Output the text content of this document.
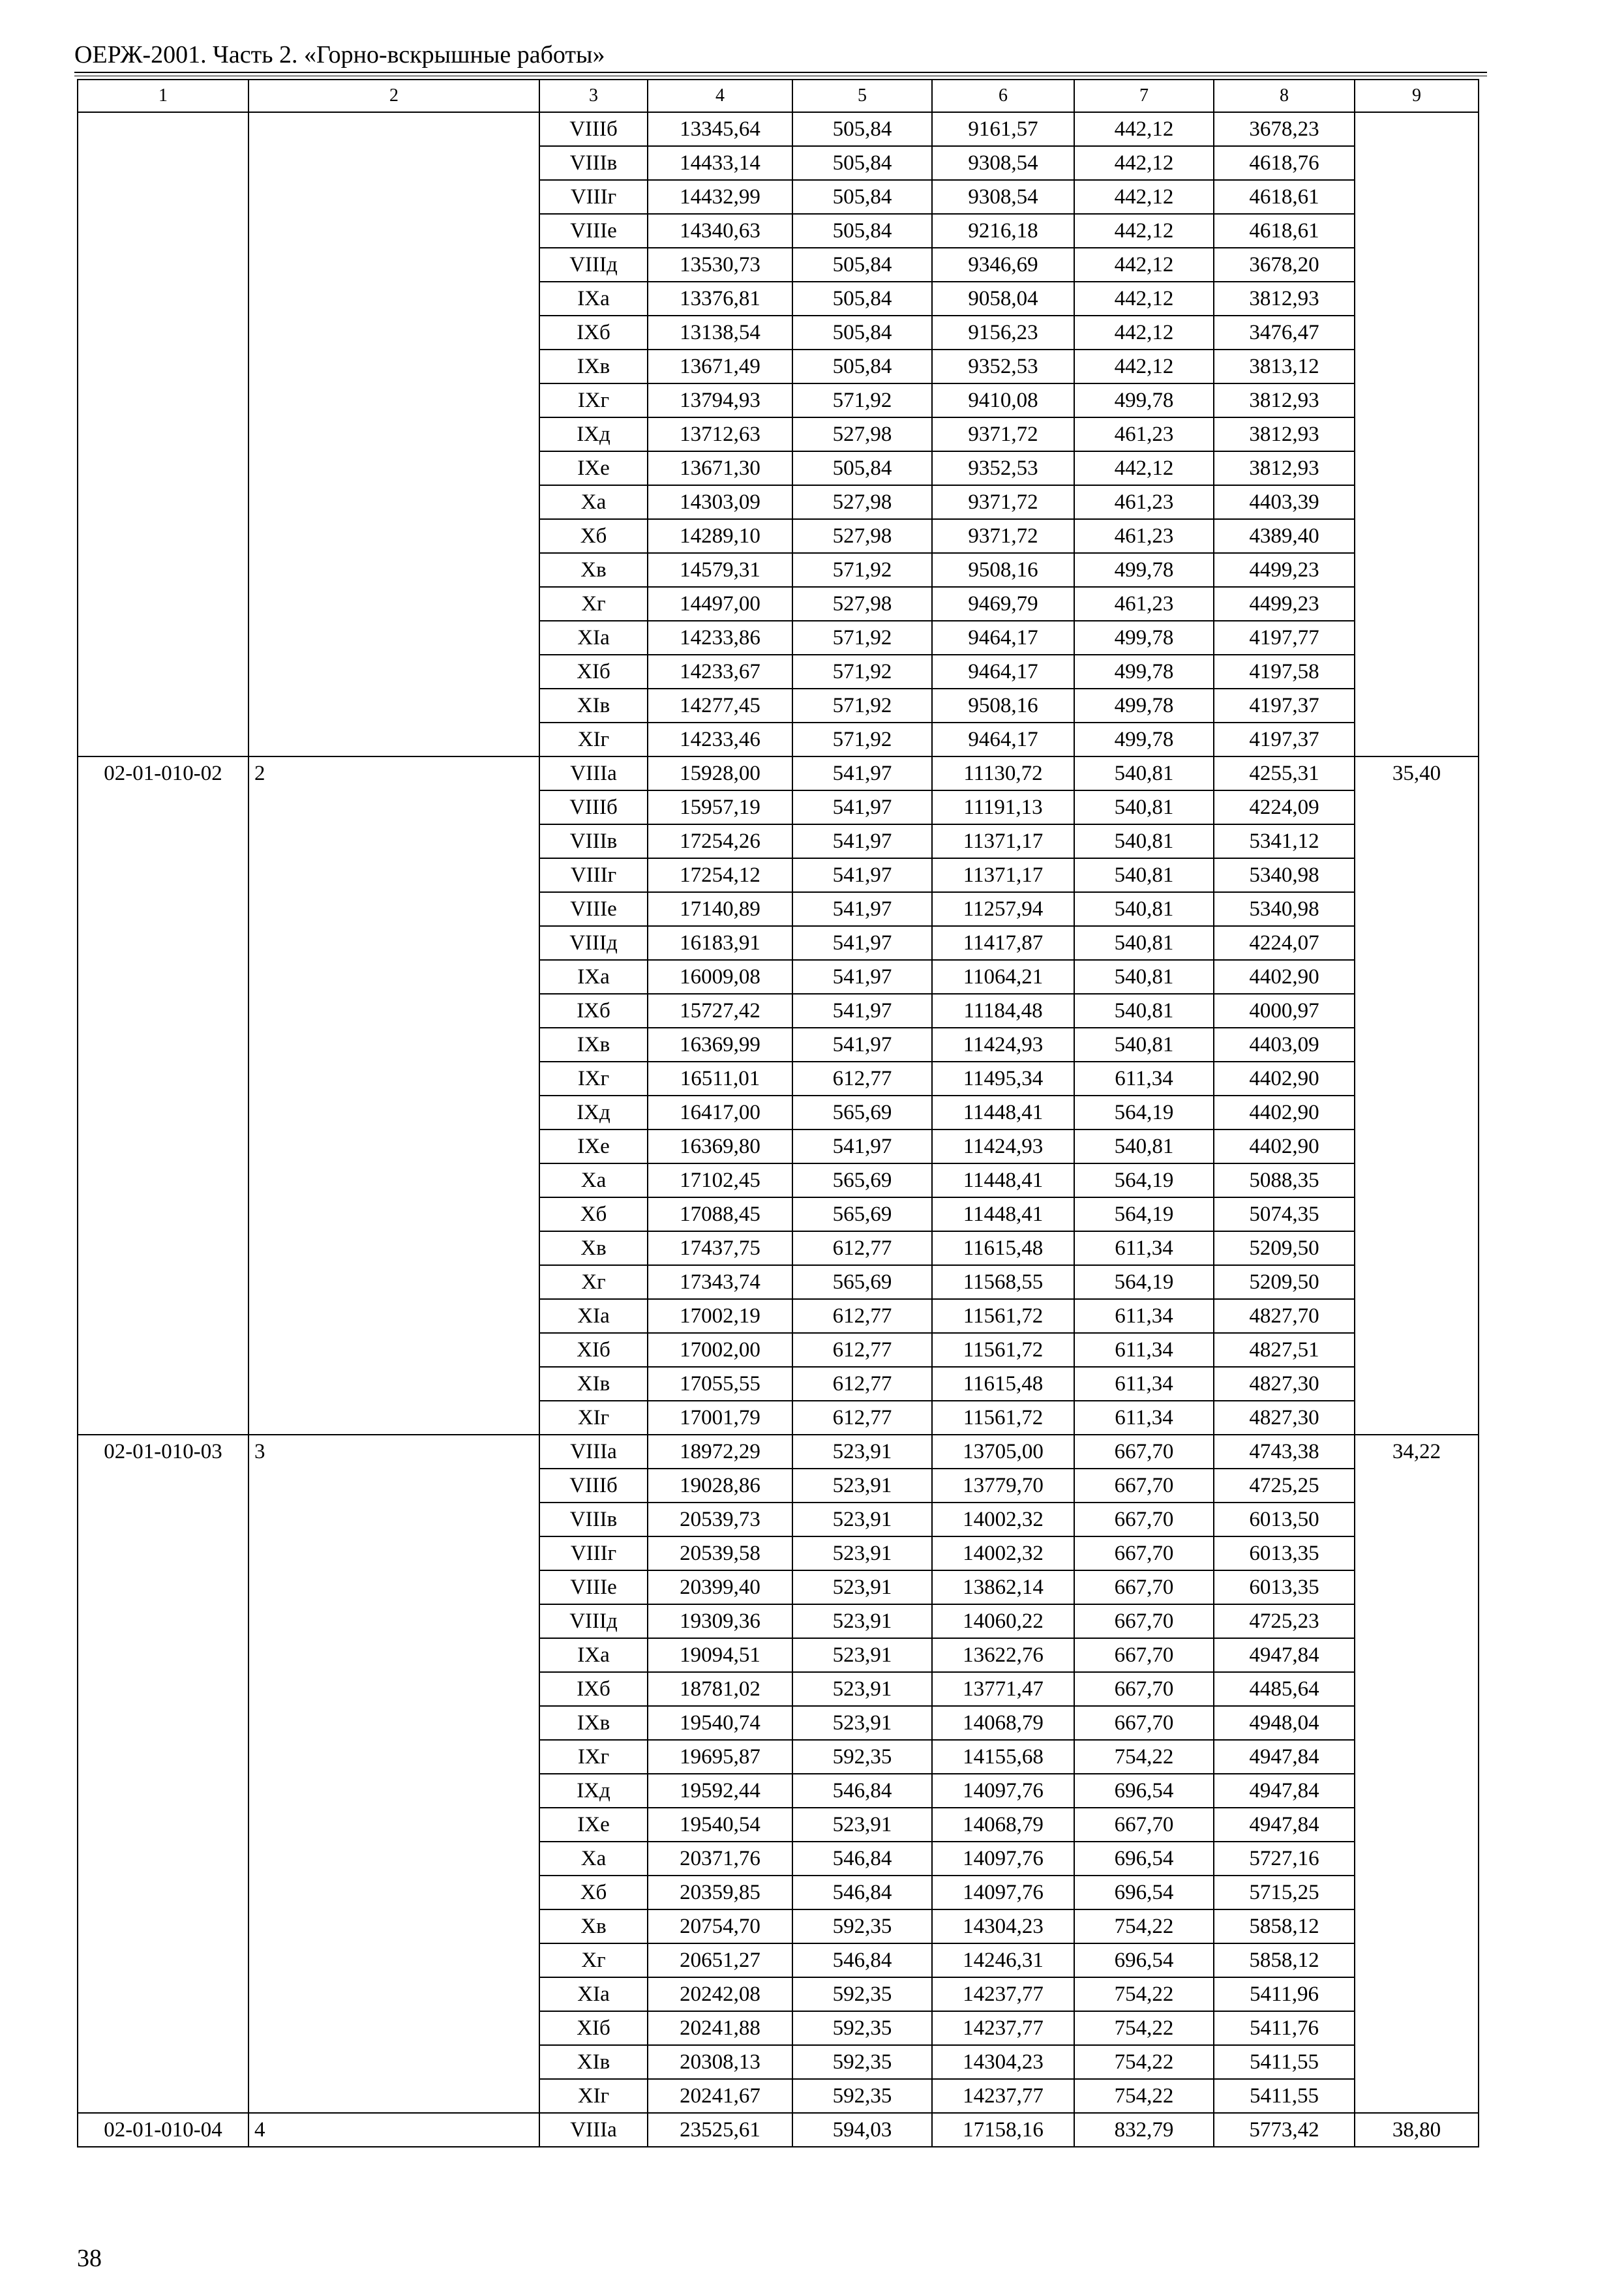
ОЕРЖ-2001. Часть 2. «Горно-вскрышные работы»
1	2	3	4	5	6	7	8	9
		VIIIб	13345,64	505,84	9161,57	442,12	3678,23	
		VIIIв	14433,14	505,84	9308,54	442,12	4618,76	
		VIIIг	14432,99	505,84	9308,54	442,12	4618,61	
		VIIIе	14340,63	505,84	9216,18	442,12	4618,61	
		VIIIд	13530,73	505,84	9346,69	442,12	3678,20	
		IXа	13376,81	505,84	9058,04	442,12	3812,93	
		IXб	13138,54	505,84	9156,23	442,12	3476,47	
		IXв	13671,49	505,84	9352,53	442,12	3813,12	
		IXг	13794,93	571,92	9410,08	499,78	3812,93	
		IXд	13712,63	527,98	9371,72	461,23	3812,93	
		IXе	13671,30	505,84	9352,53	442,12	3812,93	
		Xа	14303,09	527,98	9371,72	461,23	4403,39	
		Xб	14289,10	527,98	9371,72	461,23	4389,40	
		Xв	14579,31	571,92	9508,16	499,78	4499,23	
		Xг	14497,00	527,98	9469,79	461,23	4499,23	
		XIа	14233,86	571,92	9464,17	499,78	4197,77	
		XIб	14233,67	571,92	9464,17	499,78	4197,58	
		XIв	14277,45	571,92	9508,16	499,78	4197,37	
		XIг	14233,46	571,92	9464,17	499,78	4197,37	
02-01-010-02	2	VIIIа	15928,00	541,97	11130,72	540,81	4255,31	35,40
		VIIIб	15957,19	541,97	11191,13	540,81	4224,09	
		VIIIв	17254,26	541,97	11371,17	540,81	5341,12	
		VIIIг	17254,12	541,97	11371,17	540,81	5340,98	
		VIIIе	17140,89	541,97	11257,94	540,81	5340,98	
		VIIIд	16183,91	541,97	11417,87	540,81	4224,07	
		IXа	16009,08	541,97	11064,21	540,81	4402,90	
		IXб	15727,42	541,97	11184,48	540,81	4000,97	
		IXв	16369,99	541,97	11424,93	540,81	4403,09	
		IXг	16511,01	612,77	11495,34	611,34	4402,90	
		IXд	16417,00	565,69	11448,41	564,19	4402,90	
		IXе	16369,80	541,97	11424,93	540,81	4402,90	
		Xа	17102,45	565,69	11448,41	564,19	5088,35	
		Xб	17088,45	565,69	11448,41	564,19	5074,35	
		Xв	17437,75	612,77	11615,48	611,34	5209,50	
		Xг	17343,74	565,69	11568,55	564,19	5209,50	
		XIа	17002,19	612,77	11561,72	611,34	4827,70	
		XIб	17002,00	612,77	11561,72	611,34	4827,51	
		XIв	17055,55	612,77	11615,48	611,34	4827,30	
		XIг	17001,79	612,77	11561,72	611,34	4827,30	
02-01-010-03	3	VIIIа	18972,29	523,91	13705,00	667,70	4743,38	34,22
		VIIIб	19028,86	523,91	13779,70	667,70	4725,25	
		VIIIв	20539,73	523,91	14002,32	667,70	6013,50	
		VIIIг	20539,58	523,91	14002,32	667,70	6013,35	
		VIIIе	20399,40	523,91	13862,14	667,70	6013,35	
		VIIIд	19309,36	523,91	14060,22	667,70	4725,23	
		IXа	19094,51	523,91	13622,76	667,70	4947,84	
		IXб	18781,02	523,91	13771,47	667,70	4485,64	
		IXв	19540,74	523,91	14068,79	667,70	4948,04	
		IXг	19695,87	592,35	14155,68	754,22	4947,84	
		IXд	19592,44	546,84	14097,76	696,54	4947,84	
		IXе	19540,54	523,91	14068,79	667,70	4947,84	
		Xа	20371,76	546,84	14097,76	696,54	5727,16	
		Xб	20359,85	546,84	14097,76	696,54	5715,25	
		Xв	20754,70	592,35	14304,23	754,22	5858,12	
		Xг	20651,27	546,84	14246,31	696,54	5858,12	
		XIа	20242,08	592,35	14237,77	754,22	5411,96	
		XIб	20241,88	592,35	14237,77	754,22	5411,76	
		XIв	20308,13	592,35	14304,23	754,22	5411,55	
		XIг	20241,67	592,35	14237,77	754,22	5411,55	
02-01-010-04	4	VIIIа	23525,61	594,03	17158,16	832,79	5773,42	38,80
38
